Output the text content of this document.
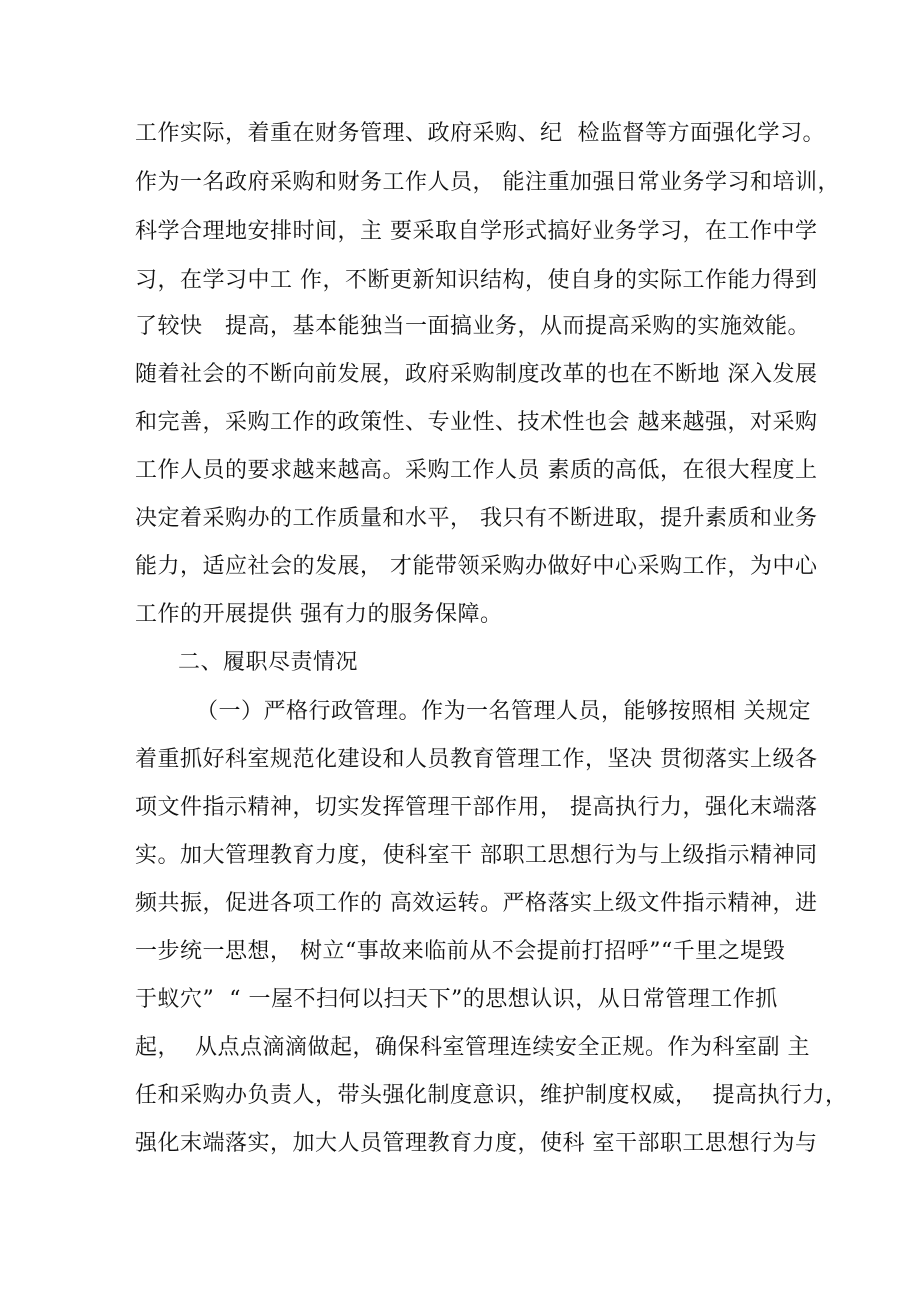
工作实际，着重在财务管理、政府采购、纪  检监督等方面强化学习。
作为一名政府采购和财务工作人员， 能注重加强日常业务学习和培训，
科学合理地安排时间，主 要采取自学形式搞好业务学习，在工作中学
习，在学习中工 作，不断更新知识结构，使自身的实际工作能力得到
了较快   提高，基本能独当一面搞业务，从而提高采购的实施效能。
随着社会的不断向前发展，政府采购制度改革的也在不断地 深入发展
和完善，采购工作的政策性、专业性、技术性也会 越来越强，对采购
工作人员的要求越来越高。采购工作人员 素质的高低，在很大程度上
决定着采购办的工作质量和水平， 我只有不断进取，提升素质和业务
能力，适应社会的发展， 才能带领采购办做好中心采购工作，为中心
工作的开展提供 强有力的服务保障。
二、履职尽责情况
（一）严格行政管理。作为一名管理人员，能够按照相 关规定
着重抓好科室规范化建设和人员教育管理工作，坚决 贯彻落实上级各
项文件指示精神，切实发挥管理干部作用， 提高执行力，强化末端落
实。加大管理教育力度，使科室干 部职工思想行为与上级指示精神同
频共振，促进各项工作的 高效运转。严格落实上级文件指示精神，进
一步统一思想， 树立“事故来临前从不会提前打招呼”“千里之堤毁
于蚁穴”  “ 一屋不扫何以扫天下”的思想认识，从日常管理工作抓
起，  从点点滴滴做起，确保科室管理连续安全正规。作为科室副 主
任和采购办负责人，带头强化制度意识，维护制度权威，  提高执行力，
强化末端落实，加大人员管理教育力度，使科 室干部职工思想行为与
